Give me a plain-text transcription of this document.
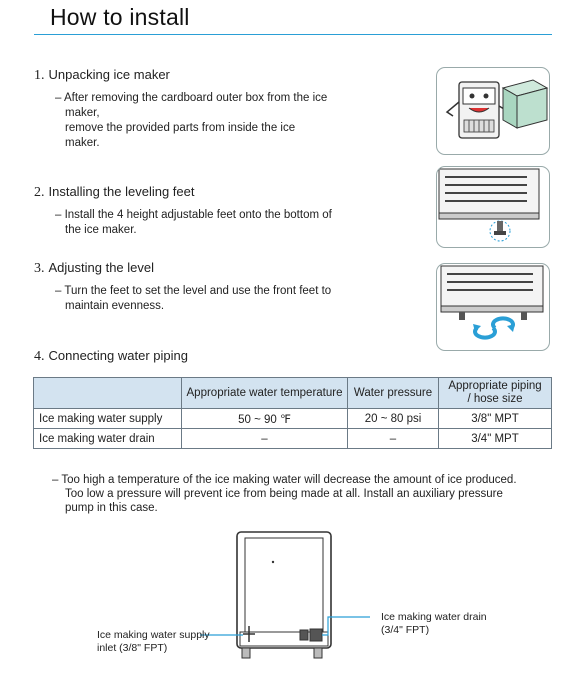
How to install
1. Unpacking ice maker
– After removing the cardboard outer box from the ice
maker,
remove the provided parts from inside the ice
maker.
2. Installing the leveling feet
– Install the 4 height adjustable feet onto the bottom of
the ice maker.
3. Adjusting the level
– Turn the feet to set the level and use the front feet to
maintain evenness.
4. Connecting water piping
	Appropriate water temperature	Water pressure	Appropriate piping
/ hose size

Ice making water supply	50 ~ 90 ℉	20 ~ 80 psi	3/8" MPT
Ice making water drain	–	–	3/4" MPT
– Too high a temperature of the ice making water will decrease the amount of ice produced.
Too low a pressure will prevent ice from being made at all. Install an auxiliary pressure
pump in this case.
Ice making water drain
(3/4" FPT)
Ice making water supply
inlet (3/8" FPT)
